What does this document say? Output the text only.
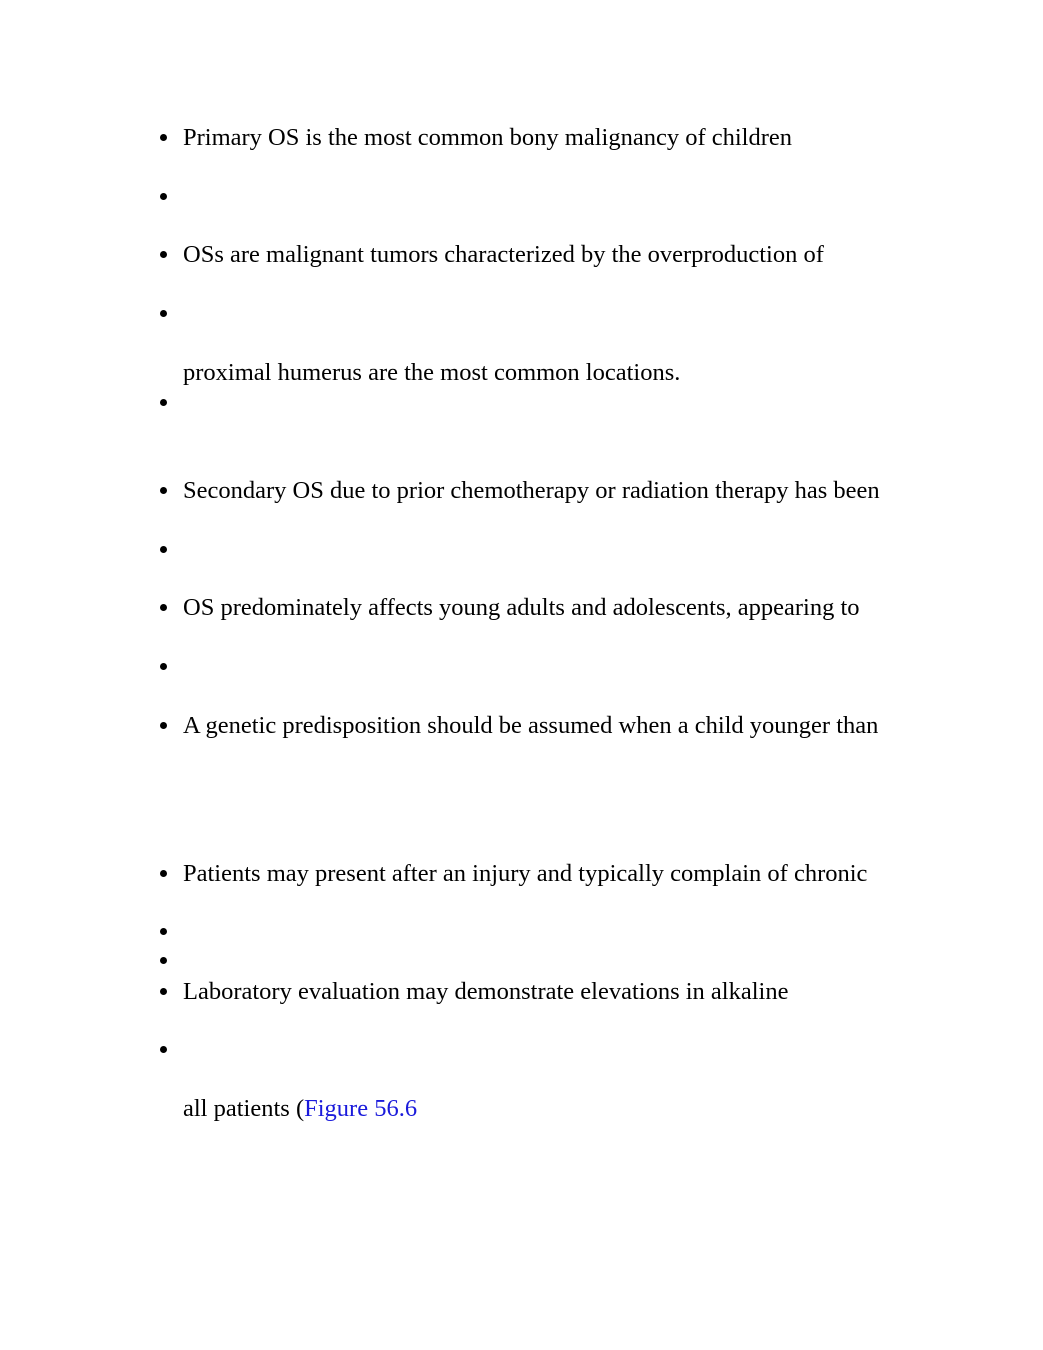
Primary OS is the most common bony malignancy of children
OSs are malignant tumors characterized by the overproduction of
proximal humerus are the most common locations.
Secondary OS due to prior chemotherapy or radiation therapy has been
OS predominately affects young adults and adolescents, appearing to
A genetic predisposition should be assumed when a child younger than
Patients may present after an injury and typically complain of chronic
Laboratory evaluation may demonstrate elevations in alkaline
all patients (Figure 56.6
